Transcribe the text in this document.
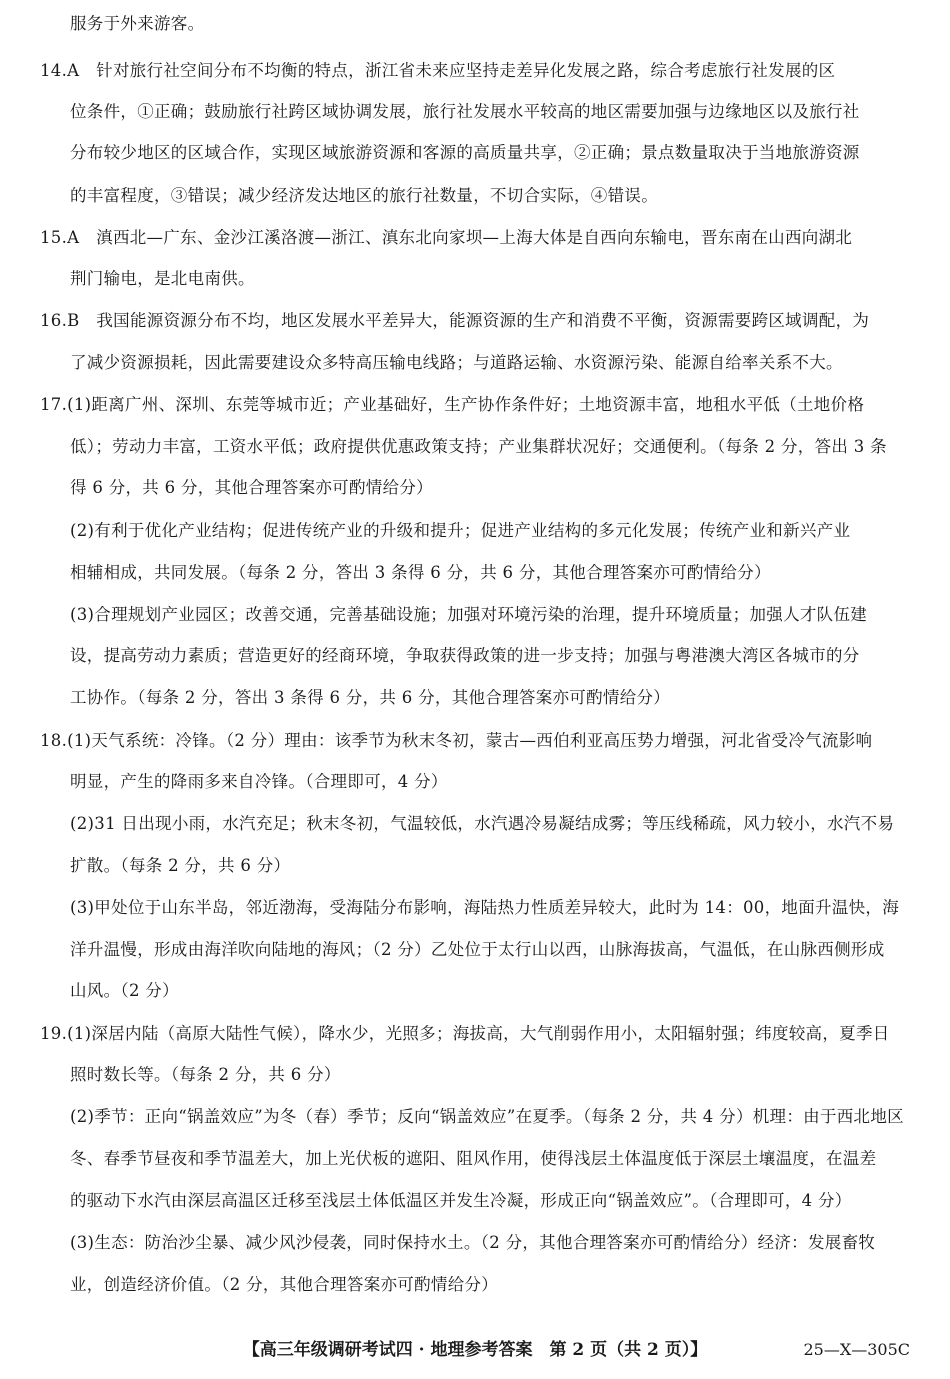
服务于外来游客。
14.A　针对旅行社空间分布不均衡的特点，浙江省未来应坚持走差异化发展之路，综合考虑旅行社发展的区
位条件，①正确；鼓励旅行社跨区域协调发展，旅行社发展水平较高的地区需要加强与边缘地区以及旅行社
分布较少地区的区域合作，实现区域旅游资源和客源的高质量共享，②正确；景点数量取决于当地旅游资源
的丰富程度，③错误；减少经济发达地区的旅行社数量，不切合实际，④错误。
15.A　滇西北—广东、金沙江溪洛渡—浙江、滇东北向家坝—上海大体是自西向东输电，晋东南在山西向湖北
荆门输电，是北电南供。
16.B　我国能源资源分布不均，地区发展水平差异大，能源资源的生产和消费不平衡，资源需要跨区域调配，为
了减少资源损耗，因此需要建设众多特高压输电线路；与道路运输、水资源污染、能源自给率关系不大。
17.(1)距离广州、深圳、东莞等城市近；产业基础好，生产协作条件好；土地资源丰富，地租水平低（土地价格
低）；劳动力丰富，工资水平低；政府提供优惠政策支持；产业集群状况好；交通便利。（每条 2 分，答出 3 条
得 6 分，共 6 分，其他合理答案亦可酌情给分）
(2)有利于优化产业结构；促进传统产业的升级和提升；促进产业结构的多元化发展；传统产业和新兴产业
相辅相成，共同发展。（每条 2 分，答出 3 条得 6 分，共 6 分，其他合理答案亦可酌情给分）
(3)合理规划产业园区；改善交通，完善基础设施；加强对环境污染的治理，提升环境质量；加强人才队伍建
设，提高劳动力素质；营造更好的经商环境，争取获得政策的进一步支持；加强与粤港澳大湾区各城市的分
工协作。（每条 2 分，答出 3 条得 6 分，共 6 分，其他合理答案亦可酌情给分）
18.(1)天气系统：冷锋。（2 分）理由：该季节为秋末冬初，蒙古—西伯利亚高压势力增强，河北省受冷气流影响
明显，产生的降雨多来自冷锋。（合理即可，4 分）
(2)31 日出现小雨，水汽充足；秋末冬初，气温较低，水汽遇冷易凝结成雾；等压线稀疏，风力较小，水汽不易
扩散。（每条 2 分，共 6 分）
(3)甲处位于山东半岛，邻近渤海，受海陆分布影响，海陆热力性质差异较大，此时为 14：00，地面升温快，海
洋升温慢，形成由海洋吹向陆地的海风；（2 分）乙处位于太行山以西，山脉海拔高，气温低，在山脉西侧形成
山风。（2 分）
19.(1)深居内陆（高原大陆性气候），降水少，光照多；海拔高，大气削弱作用小，太阳辐射强；纬度较高，夏季日
照时数长等。（每条 2 分，共 6 分）
(2)季节：正向“锅盖效应”为冬（春）季节；反向“锅盖效应”在夏季。（每条 2 分，共 4 分）机理：由于西北地区
冬、春季节昼夜和季节温差大，加上光伏板的遮阳、阻风作用，使得浅层土体温度低于深层土壤温度，在温差
的驱动下水汽由深层高温区迁移至浅层土体低温区并发生冷凝，形成正向“锅盖效应”。（合理即可，4 分）
(3)生态：防治沙尘暴、减少风沙侵袭，同时保持水土。（2 分，其他合理答案亦可酌情给分）经济：发展畜牧
业，创造经济价值。（2 分，其他合理答案亦可酌情给分）
【高三年级调研考试四 · 地理参考答案　第 2 页（共 2 页）】	25—X—305C
